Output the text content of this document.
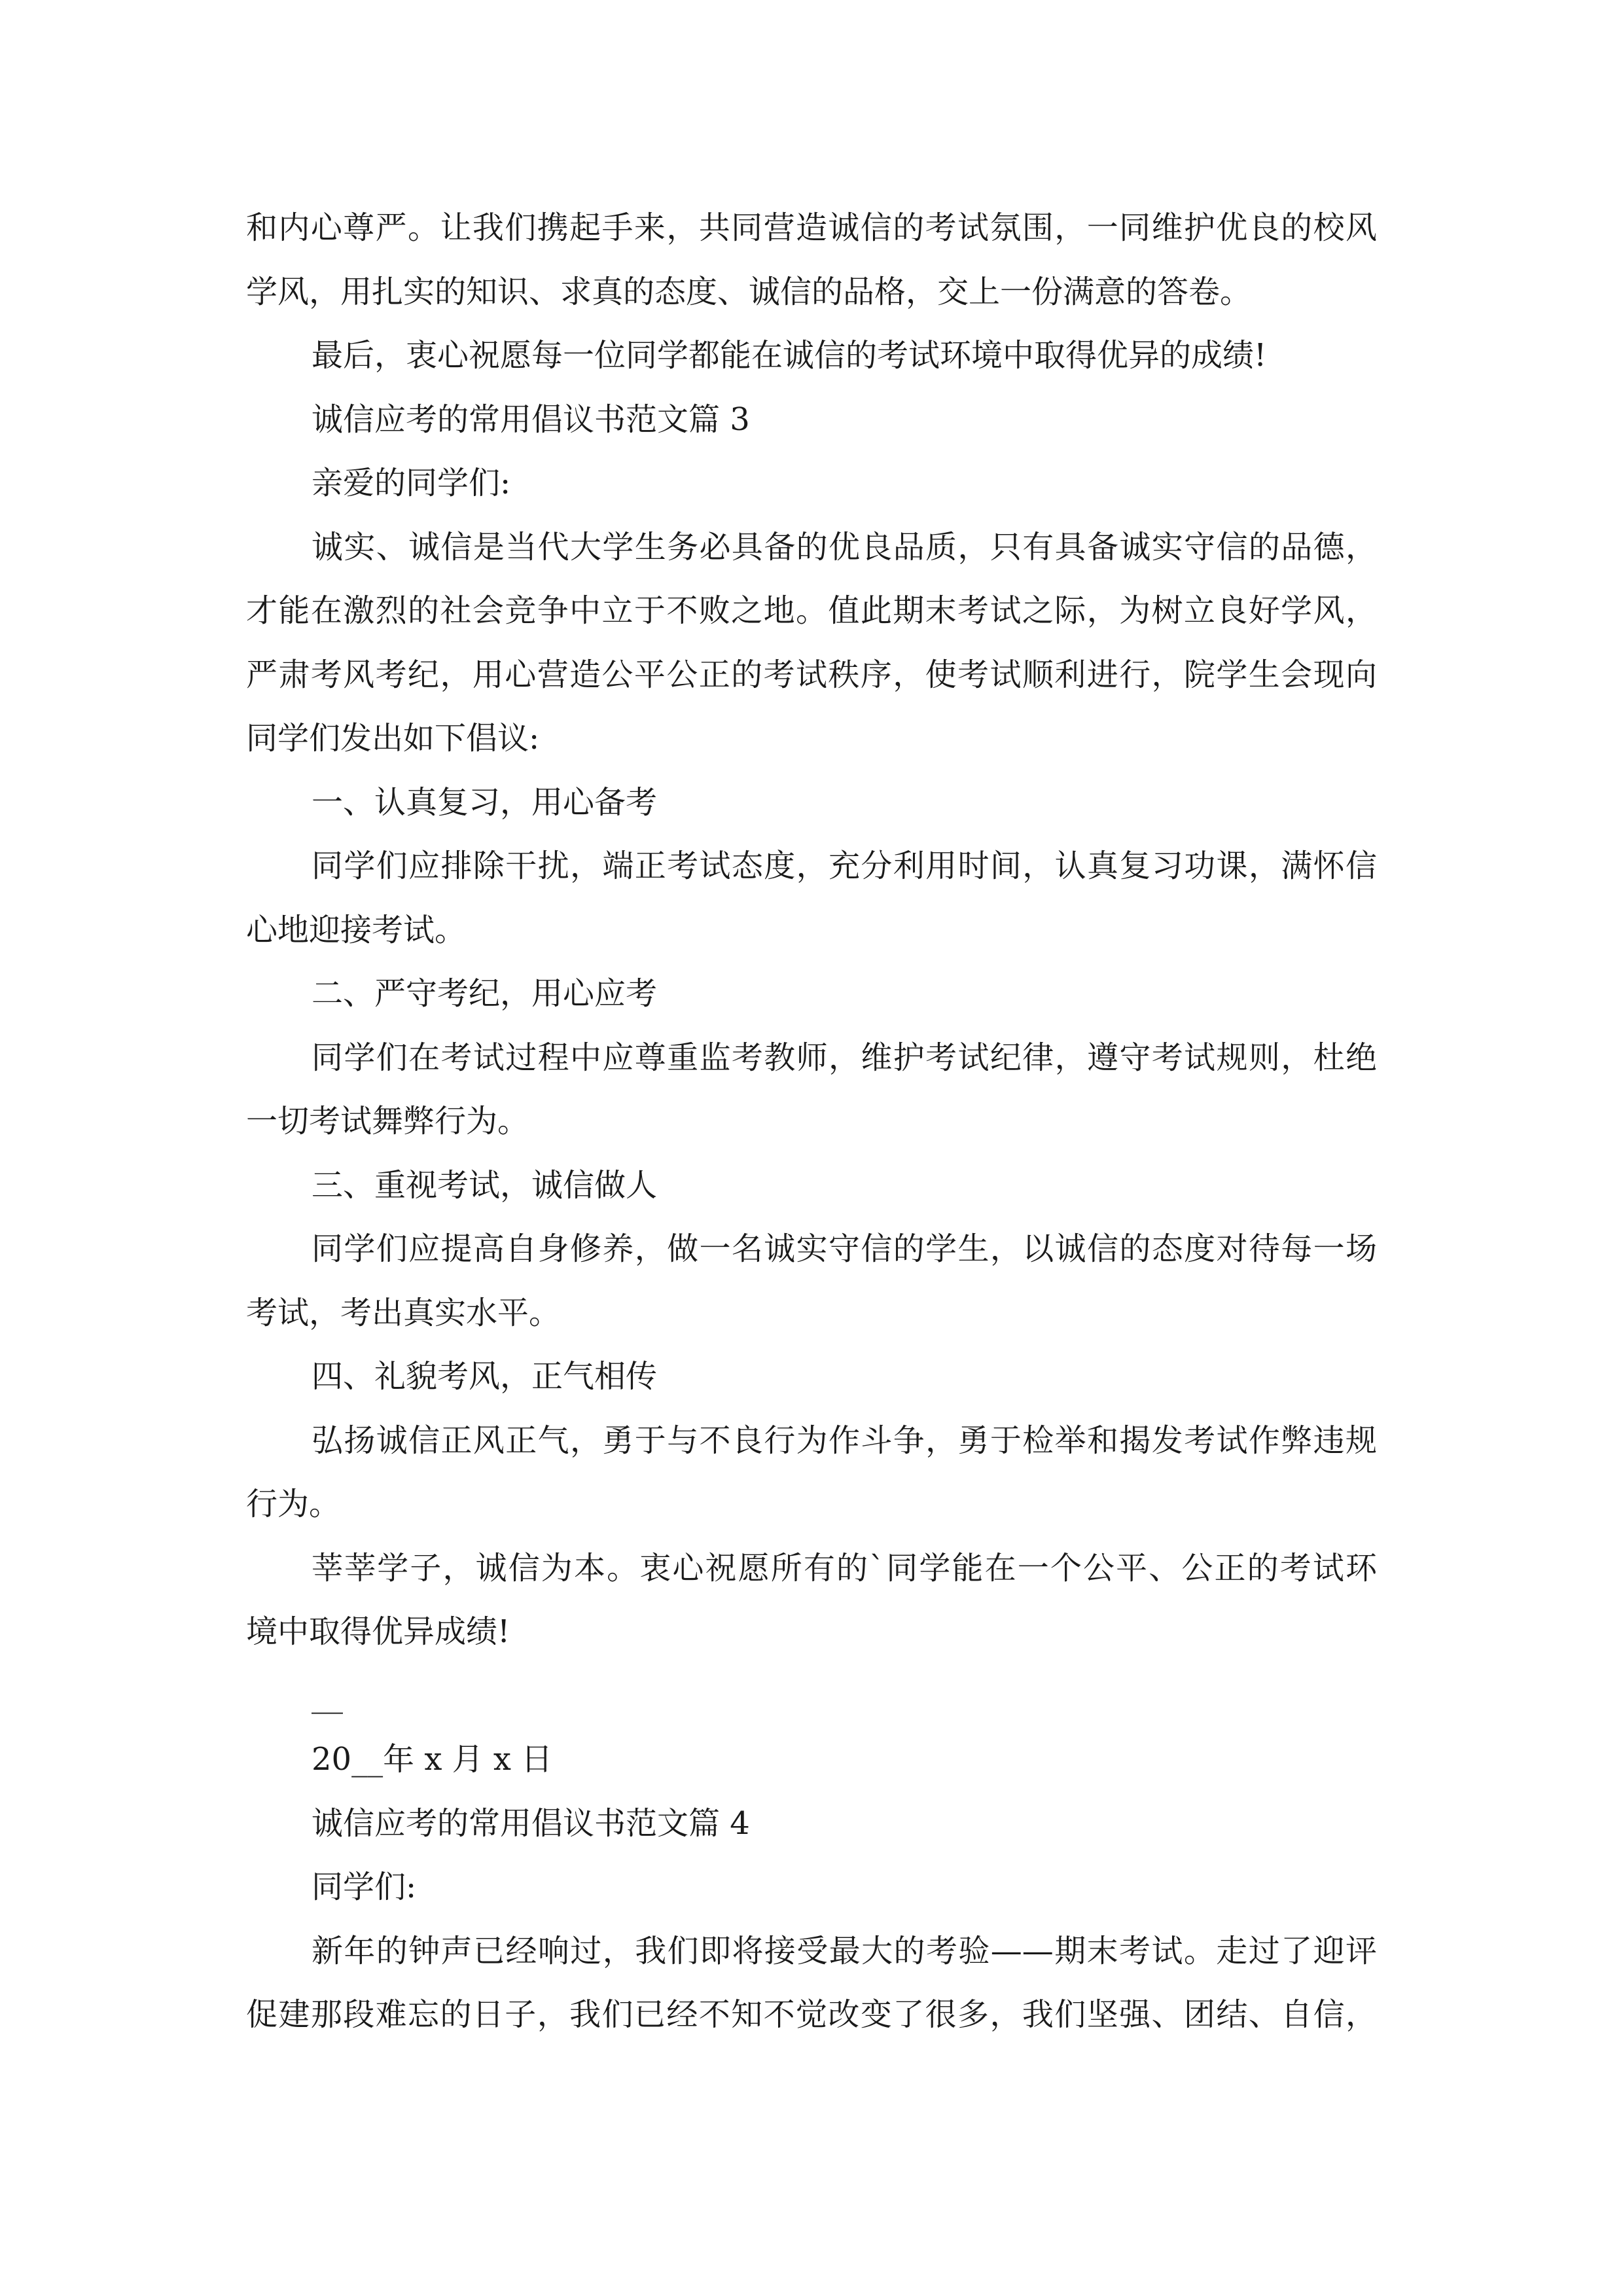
和内心尊严。让我们携起手来，共同营造诚信的考试氛围，一同维护优良的校风
学风，用扎实的知识、求真的态度、诚信的品格，交上一份满意的答卷。
最后，衷心祝愿每一位同学都能在诚信的考试环境中取得优异的成绩!
诚信应考的常用倡议书范文篇 3
亲爱的同学们:
诚实、诚信是当代大学生务必具备的优良品质，只有具备诚实守信的品德，
才能在激烈的社会竞争中立于不败之地。值此期末考试之际，为树立良好学风，
严肃考风考纪，用心营造公平公正的考试秩序，使考试顺利进行，院学生会现向
同学们发出如下倡议:
一、认真复习，用心备考
同学们应排除干扰，端正考试态度，充分利用时间，认真复习功课，满怀信
心地迎接考试。
二、严守考纪，用心应考
同学们在考试过程中应尊重监考教师，维护考试纪律，遵守考试规则，杜绝
一切考试舞弊行为。
三、重视考试，诚信做人
同学们应提高自身修养，做一名诚实守信的学生，以诚信的态度对待每一场
考试，考出真实水平。
四、礼貌考风，正气相传
弘扬诚信正风正气，勇于与不良行为作斗争，勇于检举和揭发考试作弊违规
行为。
莘莘学子，诚信为本。衷心祝愿所有的`同学能在一个公平、公正的考试环
境中取得优异成绩!
__
20__年 x 月 x 日
诚信应考的常用倡议书范文篇 4
同学们:
新年的钟声已经响过，我们即将接受最大的考验——期末考试。走过了迎评
促建那段难忘的日子，我们已经不知不觉改变了很多，我们坚强、团结、自信，
